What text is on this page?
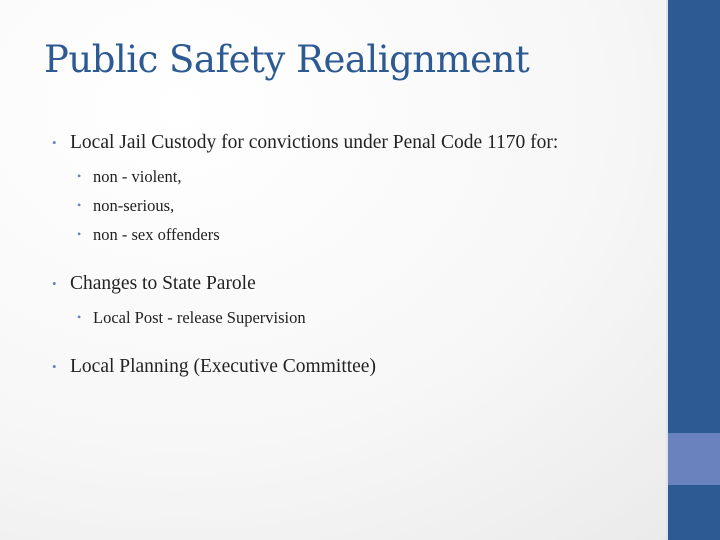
Public Safety Realignment
• Local Jail Custody for convictions under Penal Code 1170 for:
• non - violent,
• non-serious,
• non - sex offenders
• Changes to State Parole
• Local Post - release Supervision
• Local Planning (Executive Committee)
